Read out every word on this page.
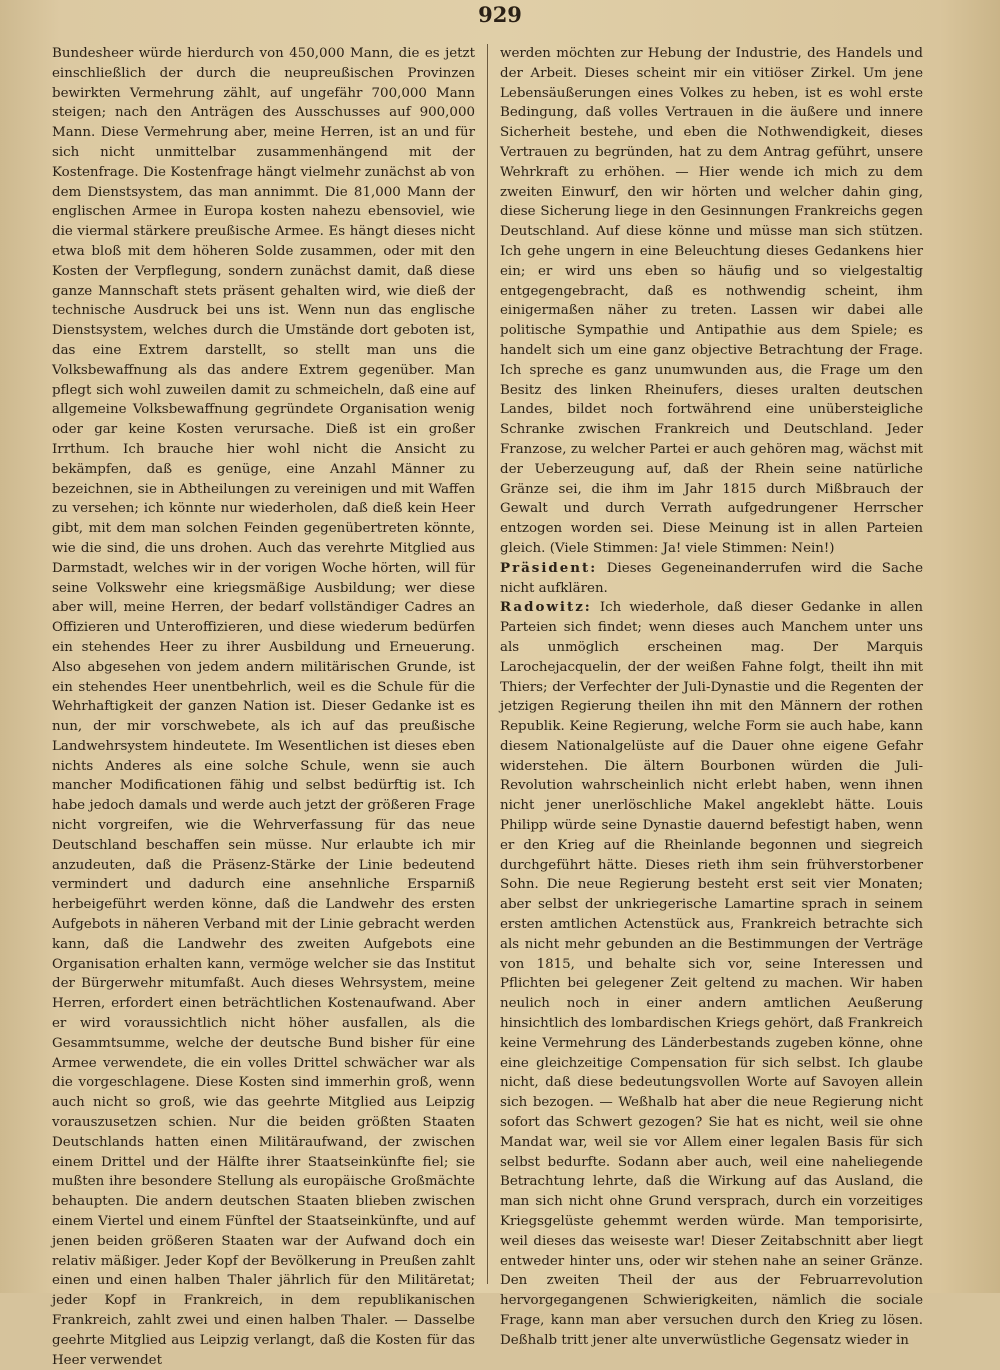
929

Bundesheer würde hierdurch von 450,000 Mann, die es jetzt einschließlich der durch die neupreußischen Provinzen bewirkten Vermehrung zählt, auf ungefähr 700,000 Mann steigen; nach den Anträgen des Ausschusses auf 900,000 Mann. Diese Vermehrung aber, meine Herren, ist an und für sich nicht unmittelbar zusammenhängend mit der Kostenfrage. Die Kostenfrage hängt vielmehr zunächst ab von dem Dienstsystem, das man annimmt. Die 81,000 Mann der englischen Armee in Europa kosten nahezu ebensoviel, wie die viermal stärkere preußische Armee. Es hängt dieses nicht etwa bloß mit dem höheren Solde zusammen, oder mit den Kosten der Verpflegung, sondern zunächst damit, daß diese ganze Mannschaft stets präsent gehalten wird, wie dieß der technische Ausdruck bei uns ist. Wenn nun das englische Dienstsystem, welches durch die Umstände dort geboten ist, das eine Extrem darstellt, so stellt man uns die Volksbewaffnung als das andere Extrem gegenüber. Man pflegt sich wohl zuweilen damit zu schmeicheln, daß eine auf allgemeine Volksbewaffnung gegründete Organisation wenig oder gar keine Kosten verursache. Dieß ist ein großer Irrthum. Ich brauche hier wohl nicht die Ansicht zu bekämpfen, daß es genüge, eine Anzahl Männer zu bezeichnen, sie in Abtheilungen zu vereinigen und mit Waffen zu versehen; ich könnte nur wiederholen, daß dieß kein Heer gibt, mit dem man solchen Feinden gegenübertreten könnte, wie die sind, die uns drohen. Auch das verehrte Mitglied aus Darmstadt, welches wir in der vorigen Woche hörten, will für seine Volkswehr eine kriegsmäßige Ausbildung; wer diese aber will, meine Herren, der bedarf vollständiger Cadres an Offizieren und Unteroffizieren, und diese wiederum bedürfen ein stehendes Heer zu ihrer Ausbildung und Erneuerung. Also abgesehen von jedem andern militärischen Grunde, ist ein stehendes Heer unentbehrlich, weil es die Schule für die Wehrhaftigkeit der ganzen Nation ist. Dieser Gedanke ist es nun, der mir vorschwebete, als ich auf das preußische Landwehrsystem hindeutete. Im Wesentlichen ist dieses eben nichts Anderes als eine solche Schule, wenn sie auch mancher Modificationen fähig und selbst bedürftig ist. Ich habe jedoch damals und werde auch jetzt der größeren Frage nicht vorgreifen, wie die Wehrverfassung für das neue Deutschland beschaffen sein müsse. Nur erlaubte ich mir anzudeuten, daß die Präsenz-Stärke der Linie bedeutend vermindert und dadurch eine ansehnliche Ersparniß herbeigeführt werden könne, daß die Landwehr des ersten Aufgebots in näheren Verband mit der Linie gebracht werden kann, daß die Landwehr des zweiten Aufgebots eine Organisation erhalten kann, vermöge welcher sie das Institut der Bürgerwehr mitumfaßt. Auch dieses Wehrsystem, meine Herren, erfordert einen beträchtlichen Kostenaufwand. Aber er wird voraussichtlich nicht höher ausfallen, als die Gesammtsumme, welche der deutsche Bund bisher für eine Armee verwendete, die ein volles Drittel schwächer war als die vorgeschlagene. Diese Kosten sind immerhin groß, wenn auch nicht so groß, wie das geehrte Mitglied aus Leipzig vorauszusetzen schien. Nur die beiden größten Staaten Deutschlands hatten einen Militäraufwand, der zwischen einem Drittel und der Hälfte ihrer Staatseinkünfte fiel; sie mußten ihre besondere Stellung als europäische Großmächte behaupten. Die andern deutschen Staaten blieben zwischen einem Viertel und einem Fünftel der Staatseinkünfte, und auf jenen beiden größeren Staaten war der Aufwand doch ein relativ mäßiger. Jeder Kopf der Bevölkerung in Preußen zahlt einen und einen halben Thaler jährlich für den Militäretat; jeder Kopf in Frankreich, in dem republikanischen Frankreich, zahlt zwei und einen halben Thaler. — Dasselbe geehrte Mitglied aus Leipzig verlangt, daß die Kosten für das Heer verwendet

werden möchten zur Hebung der Industrie, des Handels und der Arbeit. Dieses scheint mir ein vitiöser Zirkel. Um jene Lebensäußerungen eines Volkes zu heben, ist es wohl erste Bedingung, daß volles Vertrauen in die äußere und innere Sicherheit bestehe, und eben die Nothwendigkeit, dieses Vertrauen zu begründen, hat zu dem Antrag geführt, unsere Wehrkraft zu erhöhen. — Hier wende ich mich zu dem zweiten Einwurf, den wir hörten und welcher dahin ging, diese Sicherung liege in den Gesinnungen Frankreichs gegen Deutschland. Auf diese könne und müsse man sich stützen. Ich gehe ungern in eine Beleuchtung dieses Gedankens hier ein; er wird uns eben so häufig und so vielgestaltig entgegengebracht, daß es nothwendig scheint, ihm einigermaßen näher zu treten. Lassen wir dabei alle politische Sympathie und Antipathie aus dem Spiele; es handelt sich um eine ganz objective Betrachtung der Frage. Ich spreche es ganz unumwunden aus, die Frage um den Besitz des linken Rheinufers, dieses uralten deutschen Landes, bildet noch fortwährend eine unübersteigliche Schranke zwischen Frankreich und Deutschland. Jeder Franzose, zu welcher Partei er auch gehören mag, wächst mit der Ueberzeugung auf, daß der Rhein seine natürliche Gränze sei, die ihm im Jahr 1815 durch Mißbrauch der Gewalt und durch Verrath aufgedrungener Herrscher entzogen worden sei. Diese Meinung ist in allen Parteien gleich. (Viele Stimmen: Ja! viele Stimmen: Nein!)

Präsident: Dieses Gegeneinanderrufen wird die Sache nicht aufklären.

Radowitz: Ich wiederhole, daß dieser Gedanke in allen Parteien sich findet; wenn dieses auch Manchem unter uns als unmöglich erscheinen mag. Der Marquis Larochejacquelin, der der weißen Fahne folgt, theilt ihn mit Thiers; der Verfechter der Juli-Dynastie und die Regenten der jetzigen Regierung theilen ihn mit den Männern der rothen Republik. Keine Regierung, welche Form sie auch habe, kann diesem Nationalgelüste auf die Dauer ohne eigene Gefahr widerstehen. Die ältern Bourbonen würden die Juli-Revolution wahrscheinlich nicht erlebt haben, wenn ihnen nicht jener unerlöschliche Makel angeklebt hätte. Louis Philipp würde seine Dynastie dauernd befestigt haben, wenn er den Krieg auf die Rheinlande begonnen und siegreich durchgeführt hätte. Dieses rieth ihm sein frühverstorbener Sohn. Die neue Regierung besteht erst seit vier Monaten; aber selbst der unkriegerische Lamartine sprach in seinem ersten amtlichen Actenstück aus, Frankreich betrachte sich als nicht mehr gebunden an die Bestimmungen der Verträge von 1815, und behalte sich vor, seine Interessen und Pflichten bei gelegener Zeit geltend zu machen. Wir haben neulich noch in einer andern amtlichen Aeußerung hinsichtlich des lombardischen Kriegs gehört, daß Frankreich keine Vermehrung des Länderbestands zugeben könne, ohne eine gleichzeitige Compensation für sich selbst. Ich glaube nicht, daß diese bedeutungsvollen Worte auf Savoyen allein sich bezogen. — Weßhalb hat aber die neue Regierung nicht sofort das Schwert gezogen? Sie hat es nicht, weil sie ohne Mandat war, weil sie vor Allem einer legalen Basis für sich selbst bedurfte. Sodann aber auch, weil eine naheliegende Betrachtung lehrte, daß die Wirkung auf das Ausland, die man sich nicht ohne Grund versprach, durch ein vorzeitiges Kriegsgelüste gehemmt werden würde. Man temporisirte, weil dieses das weiseste war! Dieser Zeitabschnitt aber liegt entweder hinter uns, oder wir stehen nahe an seiner Gränze. Den zweiten Theil der aus der Februarrevolution hervorgegangenen Schwierigkeiten, nämlich die sociale Frage, kann man aber versuchen durch den Krieg zu lösen. Deßhalb tritt jener alte unverwüstliche Gegensatz wieder in
